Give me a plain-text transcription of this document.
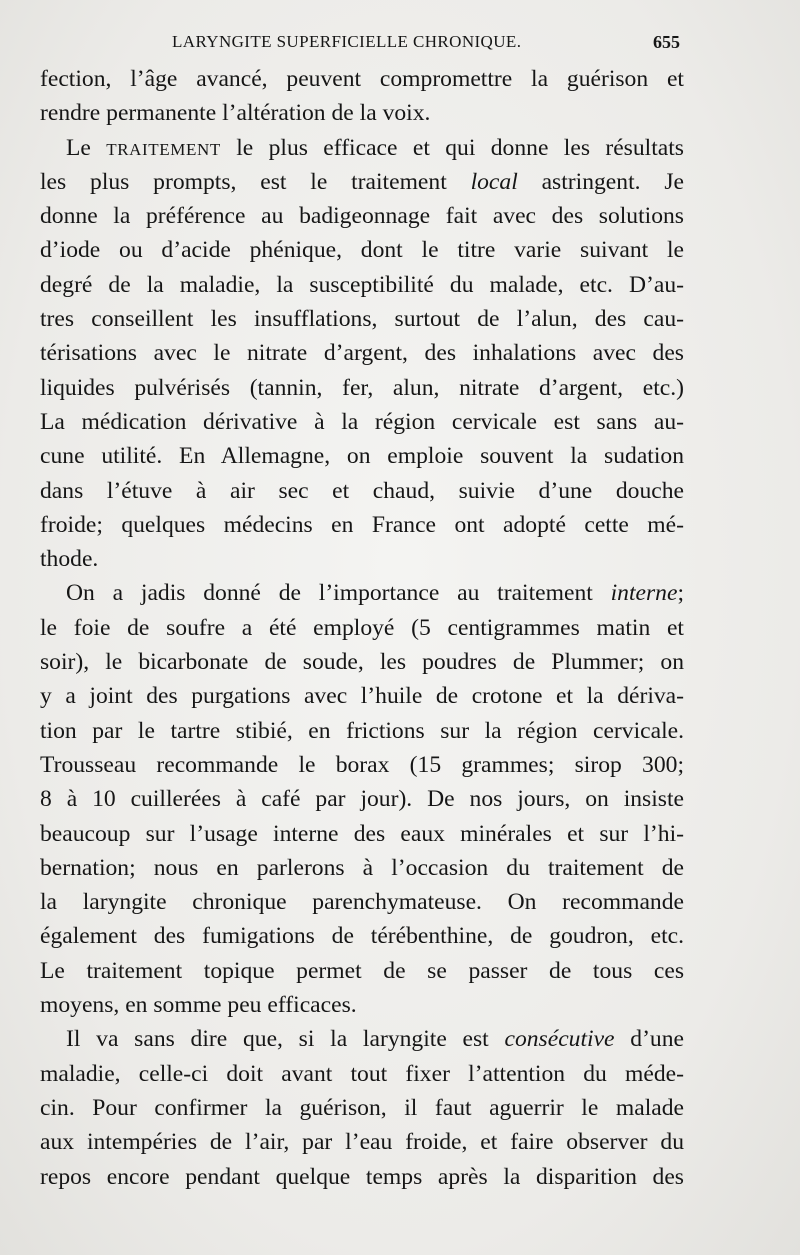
LARYNGITE SUPERFICIELLE CHRONIQUE.	655
fection, l’âge avancé, peuvent compromettre la guérison et
rendre permanente l’altération de la voix.
Le traitement le plus efficace et qui donne les résultats
les plus prompts, est le traitement local astringent. Je
donne la préférence au badigeonnage fait avec des solutions
d’iode ou d’acide phénique, dont le titre varie suivant le
degré de la maladie, la susceptibilité du malade, etc. D’au-
tres conseillent les insufflations, surtout de l’alun, des cau-
térisations avec le nitrate d’argent, des inhalations avec des
liquides pulvérisés (tannin, fer, alun, nitrate d’argent, etc.)
La médication dérivative à la région cervicale est sans au-
cune utilité. En Allemagne, on emploie souvent la sudation
dans l’étuve à air sec et chaud, suivie d’une douche
froide; quelques médecins en France ont adopté cette mé-
thode.
On a jadis donné de l’importance au traitement interne;
le foie de soufre a été employé (5 centigrammes matin et
soir), le bicarbonate de soude, les poudres de Plummer; on
y a joint des purgations avec l’huile de crotone et la dériva-
tion par le tartre stibié, en frictions sur la région cervicale.
Trousseau recommande le borax (15 grammes; sirop 300;
8 à 10 cuillerées à café par jour). De nos jours, on insiste
beaucoup sur l’usage interne des eaux minérales et sur l’hi-
bernation; nous en parlerons à l’occasion du traitement de
la laryngite chronique parenchymateuse. On recommande
également des fumigations de térébenthine, de goudron, etc.
Le traitement topique permet de se passer de tous ces
moyens, en somme peu efficaces.
Il va sans dire que, si la laryngite est consécutive d’une
maladie, celle-ci doit avant tout fixer l’attention du méde-
cin. Pour confirmer la guérison, il faut aguerrir le malade
aux intempéries de l’air, par l’eau froide, et faire observer du
repos encore pendant quelque temps après la disparition des
